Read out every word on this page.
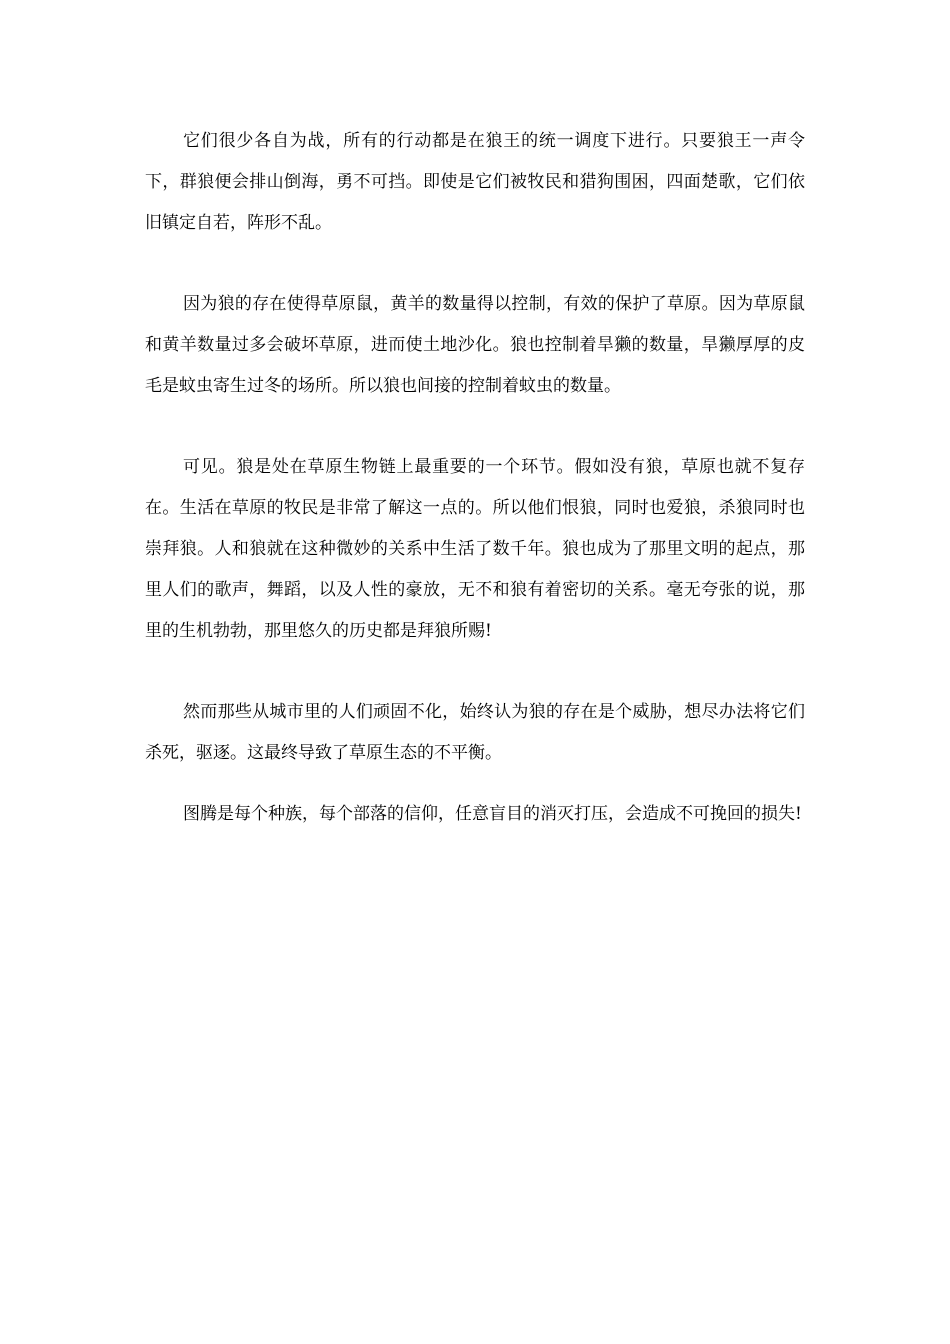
它们很少各自为战，所有的行动都是在狼王的统一调度下进行。只要狼王一声令下，群狼便会排山倒海，勇不可挡。即使是它们被牧民和猎狗围困，四面楚歌，它们依旧镇定自若，阵形不乱。

因为狼的存在使得草原鼠，黄羊的数量得以控制，有效的保护了草原。因为草原鼠和黄羊数量过多会破坏草原，进而使土地沙化。狼也控制着旱獭的数量，旱獭厚厚的皮毛是蚊虫寄生过冬的场所。所以狼也间接的控制着蚊虫的数量。

可见。狼是处在草原生物链上最重要的一个环节。假如没有狼，草原也就不复存在。生活在草原的牧民是非常了解这一点的。所以他们恨狼，同时也爱狼，杀狼同时也崇拜狼。人和狼就在这种微妙的关系中生活了数千年。狼也成为了那里文明的起点，那里人们的歌声，舞蹈，以及人性的豪放，无不和狼有着密切的关系。毫无夸张的说，那里的生机勃勃，那里悠久的历史都是拜狼所赐!

然而那些从城市里的人们顽固不化，始终认为狼的存在是个威胁，想尽办法将它们杀死，驱逐。这最终导致了草原生态的不平衡。

图腾是每个种族，每个部落的信仰，任意盲目的消灭打压，会造成不可挽回的损失!
